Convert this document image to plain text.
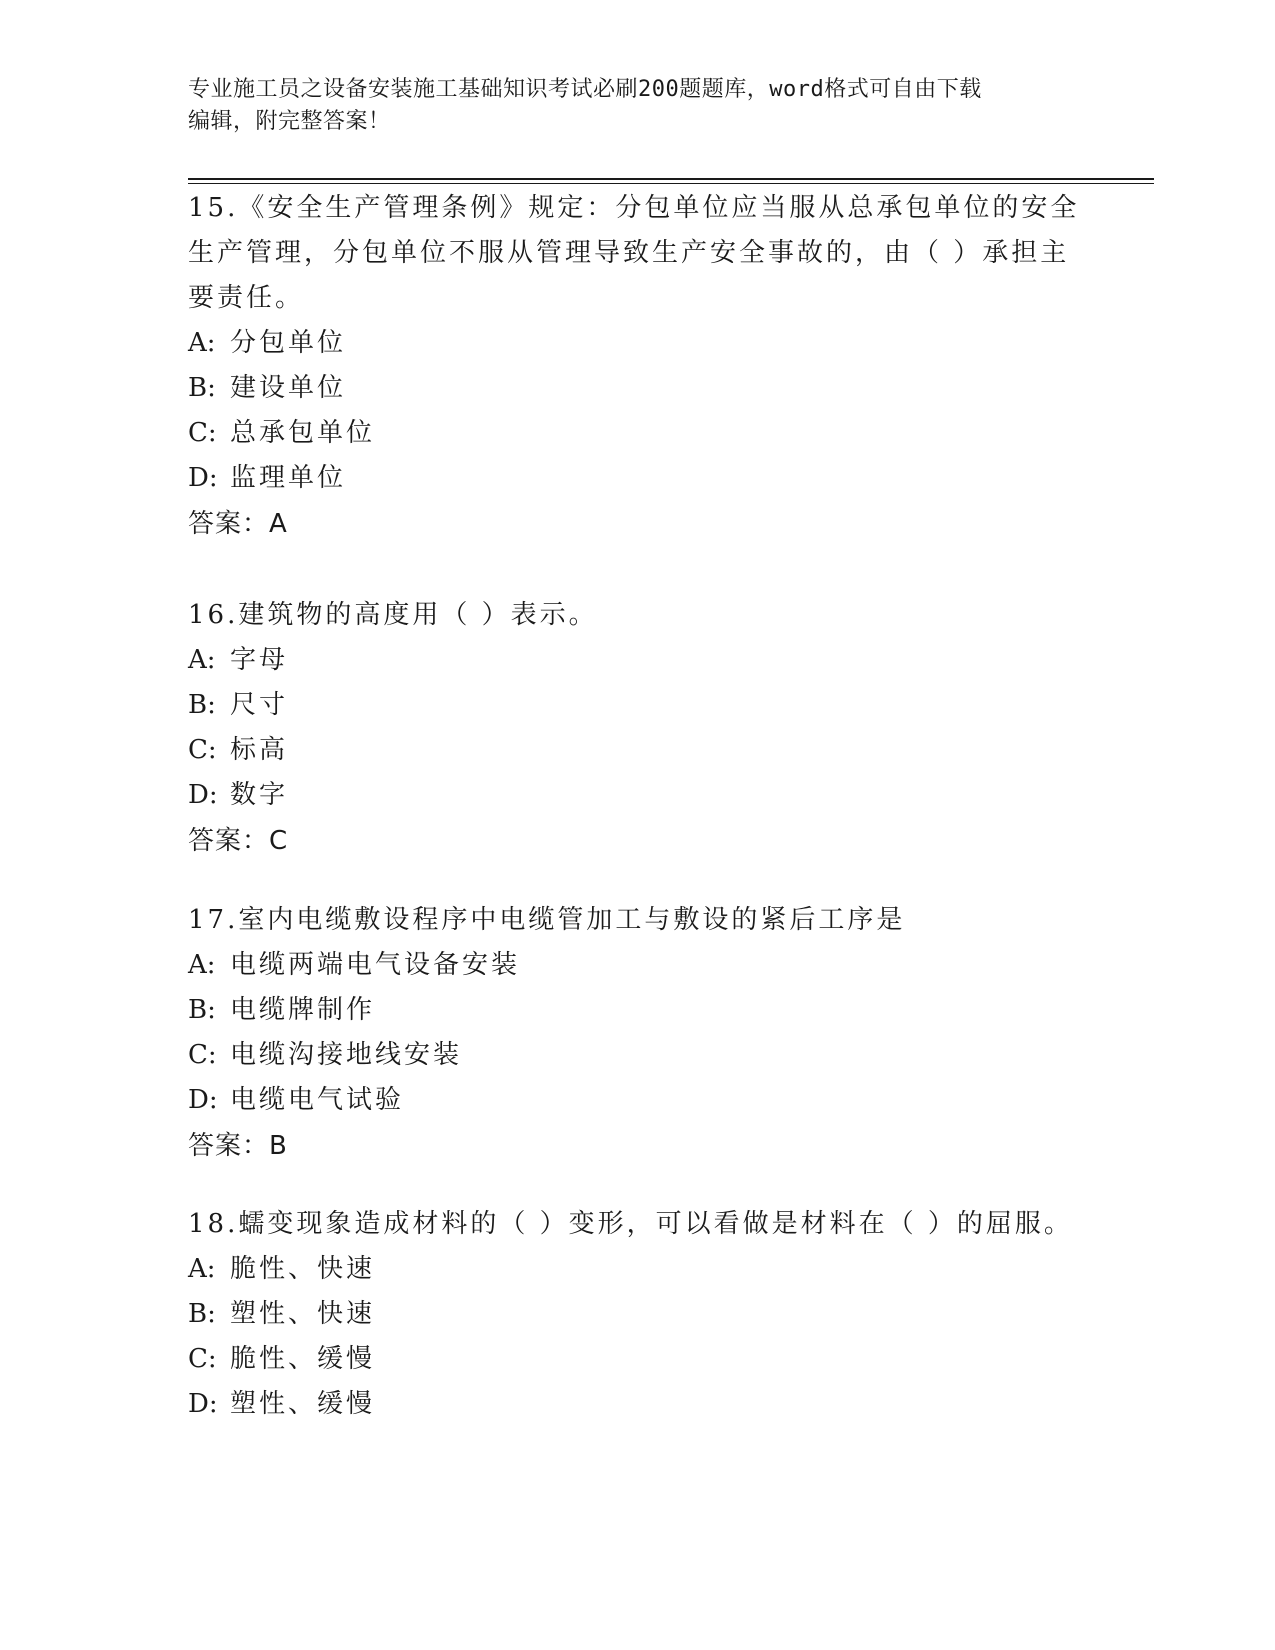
专业施工员之设备安装施工基础知识考试必刷200题题库，word格式可自由下载
编辑，附完整答案！

15.《安全生产管理条例》规定：分包单位应当服从总承包单位的安全

生产管理，分包单位不服从管理导致生产安全事故的，由（ ）承担主

要责任。

A: 分包单位

B: 建设单位

C: 总承包单位

D: 监理单位

答案：A

16.建筑物的高度用（ ）表示。

A: 字母

B: 尺寸

C: 标高

D: 数字

答案：C

17.室内电缆敷设程序中电缆管加工与敷设的紧后工序是

A: 电缆两端电气设备安装

B: 电缆牌制作

C: 电缆沟接地线安装

D: 电缆电气试验

答案：B

18.蠕变现象造成材料的（ ）变形，可以看做是材料在（ ）的屈服。

A: 脆性、快速

B: 塑性、快速

C: 脆性、缓慢

D: 塑性、缓慢
